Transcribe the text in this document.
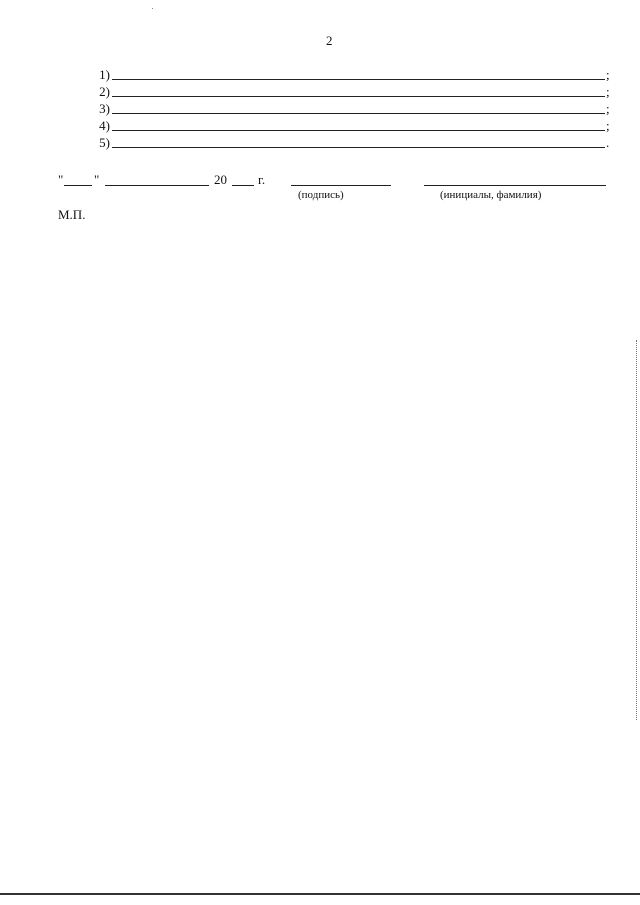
2
1)	;
2)	;
3)	;
4)	;
5)	.
" "	20 г.
(подпись)	(инициалы, фамилия)
М.П.
